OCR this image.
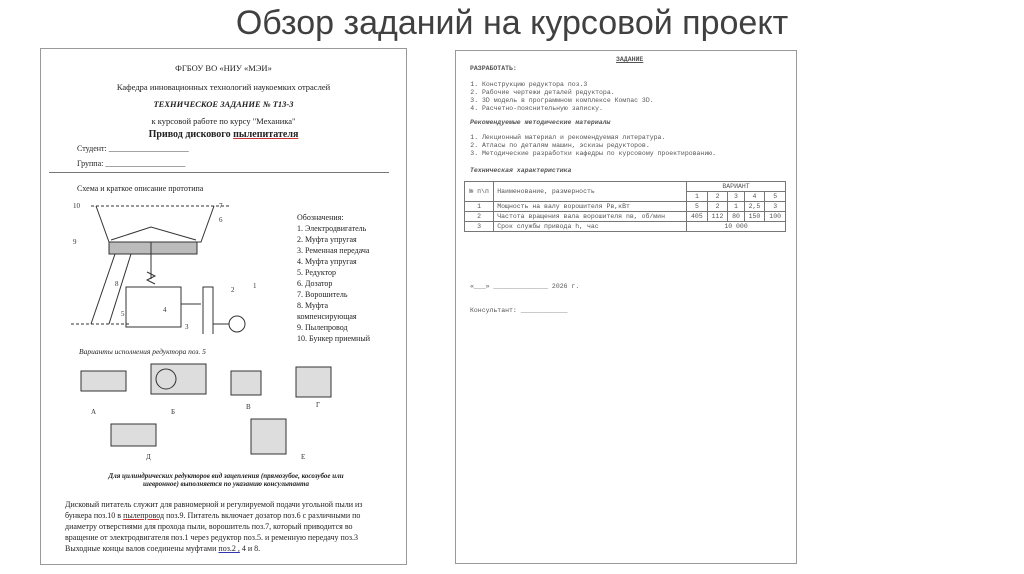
Обзор заданий на курсовой проект
ФГБОУ ВО «НИУ «МЭИ»
Кафедра инновационных технологий наукоемких отраслей
ТЕХНИЧЕСКОЕ ЗАДАНИЕ № Т13-3
к курсовой работе по курсу "Механика"
Привод дискового пылепитателя
Студент: ____________________
Группа: ____________________
Схема и краткое описание прототипа
10	7
6
9
8
5	4
3
2	1
Обозначения:
1. Электродвигатель
2. Муфта упругая
3. Ременная передача
4. Муфта упругая
5. Редуктор
6. Дозатор
7. Ворошитель
8. Муфта компенсирующая
9. Пылепровод
10. Бункер приемный
Варианты исполнения редуктора поз. 5
А	Б
В	Г
Д	Е
Для цилиндрических редукторов вид зацепления (прямозубое, косозубое или шевронное) выполняется по указанию консультанта
Дисковый питатель служит для равномерной и регулируемой подачи угольной пыли из бункера поз.10 в пылепровод поз.9. Питатель включает дозатор поз.6 с различными по диаметру отверстиями для прохода пыли, ворошитель поз.7, который приводится во вращение от электродвигателя поз.1 через редуктор поз.5. и ременную передачу поз.3 Выходные концы валов соединены муфтами поз.2 , 4 и 8.
ЗАДАНИЕ
РАЗРАБОТАТЬ:
1. Конструкцию редуктора поз.3
2. Рабочие чертежи деталей редуктора.
3. 3D модель в программном комплексе Компас 3D.
4. Расчетно-пояснительную записку.
Рекомендуемые методические материалы
1. Лекционный материал и рекомендуемая литература.
2. Атласы по деталям машин, эскизы редукторов.
3. Методические разработки кафедры по курсовому проектированию.
Техническая характеристика
№ п\п	Наименование, размерность	ВАРИАНТ				
		1	2	3	4	5
1	Мощность на валу ворошителя Pв,кВт	5	2	1	2,5	3
2	Частота вращения вала ворошителя nв, об/мин	405	112	80	150	100
3	Срок службы привода h, час	10 000				
«___» ______________ 2026 г.
Консультант: ____________
